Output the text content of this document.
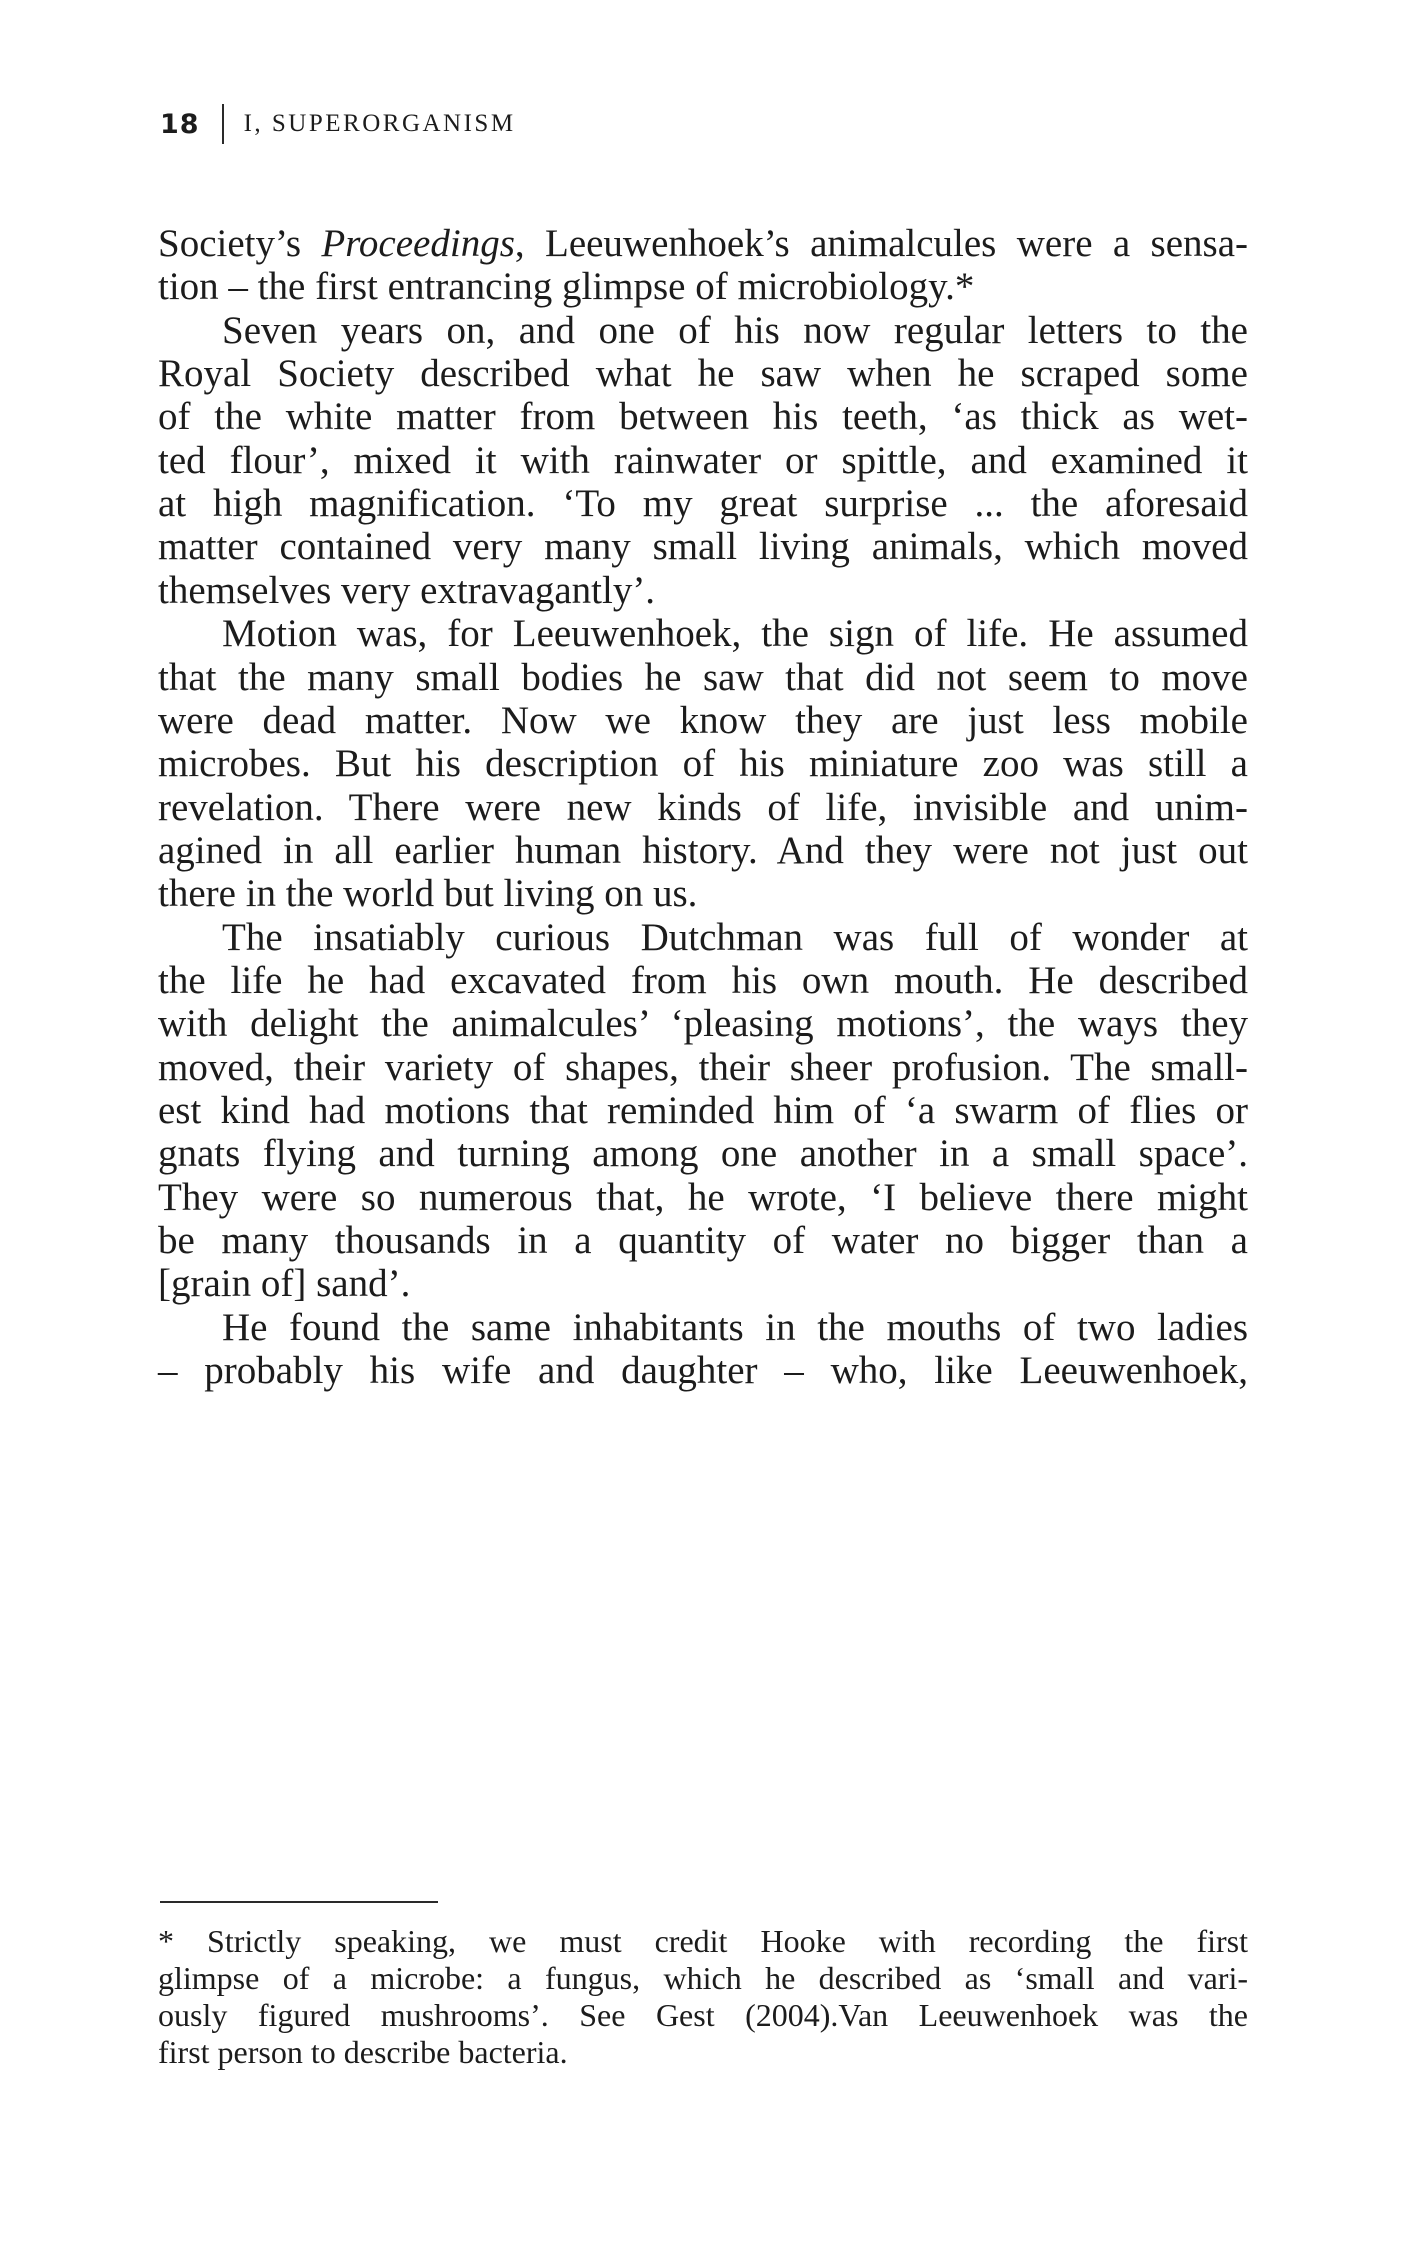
18 I, SUPERORGANISM
Society’s Proceedings, Leeuwenhoek’s animalcules were a sensa-
tion – the first entrancing glimpse of microbiology.*
Seven years on, and one of his now regular letters to the
Royal Society described what he saw when he scraped some
of the white matter from between his teeth, ‘as thick as wet-
ted flour’, mixed it with rainwater or spittle, and examined it
at high magnification. ‘To my great surprise ... the aforesaid
matter contained very many small living animals, which moved
themselves very extravagantly’.
Motion was, for Leeuwenhoek, the sign of life. He assumed
that the many small bodies he saw that did not seem to move
were dead matter. Now we know they are just less mobile
microbes. But his description of his miniature zoo was still a
revelation. There were new kinds of life, invisible and unim-
agined in all earlier human history. And they were not just out
there in the world but living on us.
The insatiably curious Dutchman was full of wonder at
the life he had excavated from his own mouth. He described
with delight the animalcules’ ‘pleasing motions’, the ways they
moved, their variety of shapes, their sheer profusion. The small-
est kind had motions that reminded him of ‘a swarm of flies or
gnats flying and turning among one another in a small space’.
They were so numerous that, he wrote, ‘I believe there might
be many thousands in a quantity of water no bigger than a
[grain of] sand’.
He found the same inhabitants in the mouths of two ladies
– probably his wife and daughter – who, like Leeuwenhoek,
* Strictly speaking, we must credit Hooke with recording the first
glimpse of a microbe: a fungus, which he described as ‘small and vari-
ously figured mushrooms’. See Gest (2004).Van Leeuwenhoek was the
first person to describe bacteria.
